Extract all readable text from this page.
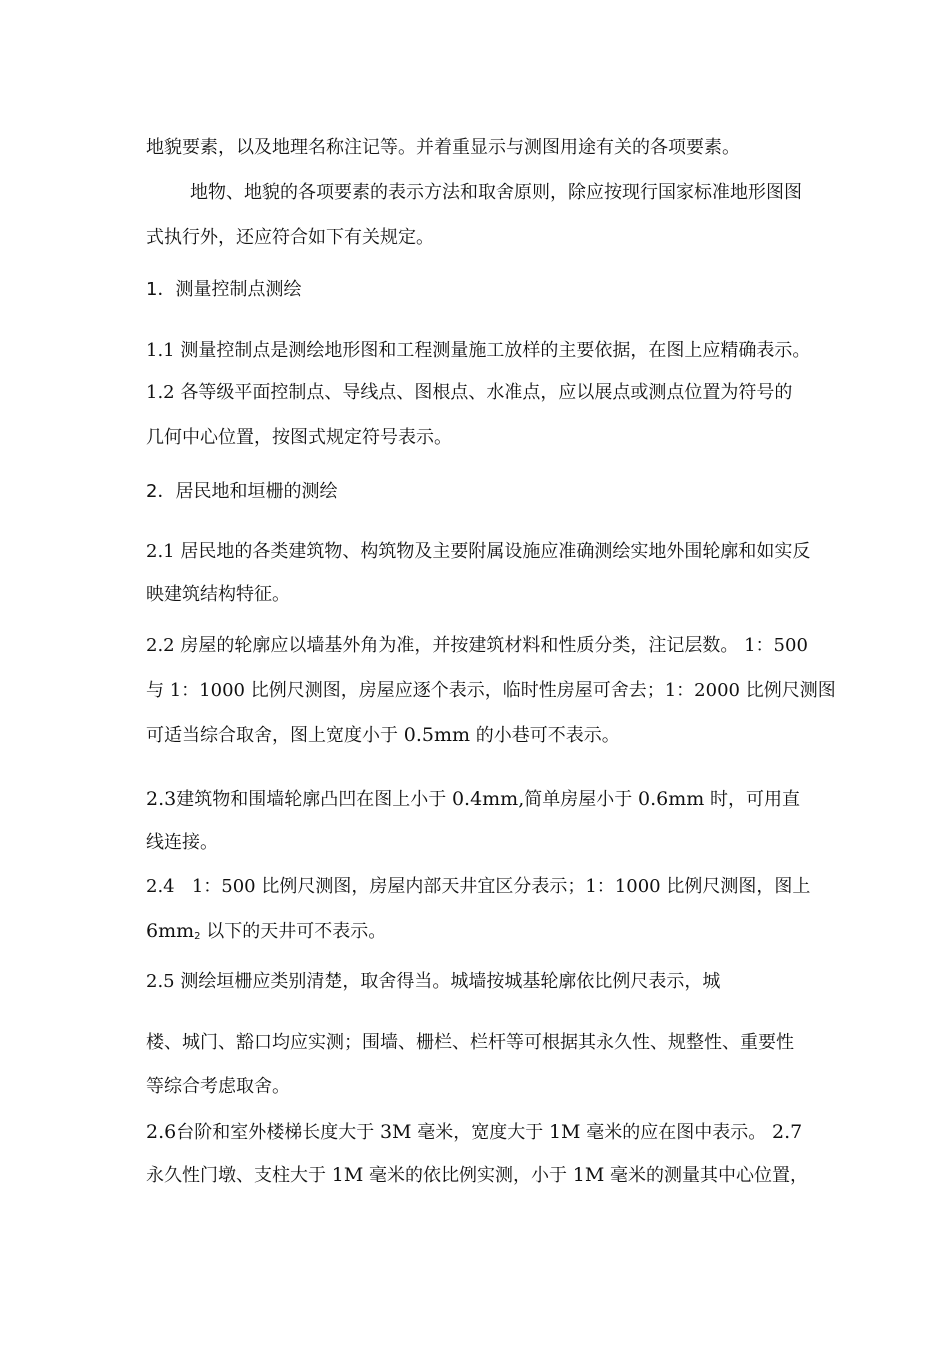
地貌要素，以及地理名称注记等。并着重显示与测图用途有关的各项要素。
地物、地貌的各项要素的表示方法和取舍原则，除应按现行国家标准地形图图
式执行外，还应符合如下有关规定。
1．测量控制点测绘
1.1 测量控制点是测绘地形图和工程测量施工放样的主要依据，在图上应精确表示。
1.2 各等级平面控制点、导线点、图根点、水准点，应以展点或测点位置为符号的
几何中心位置，按图式规定符号表示。
2．居民地和垣栅的测绘
2.1 居民地的各类建筑物、构筑物及主要附属设施应准确测绘实地外围轮廓和如实反
映建筑结构特征。
2.2 房屋的轮廓应以墙基外角为准，并按建筑材料和性质分类，注记层数。 1：500
与 1：1000 比例尺测图，房屋应逐个表示，临时性房屋可舍去；1：2000 比例尺测图
可适当综合取舍，图上宽度小于 0.5mm 的小巷可不表示。
2.3建筑物和围墙轮廓凸凹在图上小于 0.4mm,简单房屋小于 0.6mm 时，可用直
线连接。
2.4 1：500 比例尺测图，房屋内部天井宜区分表示；1：1000 比例尺测图，图上
$6mm_2$ 以下的天井可不表示。
2.5 测绘垣栅应类别清楚，取舍得当。城墙按城基轮廓依比例尺表示，城
楼、城门、豁口均应实测；围墙、栅栏、栏杆等可根据其永久性、规整性、重要性
等综合考虑取舍。
2.6台阶和室外楼梯长度大于 3M 毫米，宽度大于 1M 毫米的应在图中表示。 2.7
永久性门墩、支柱大于 1M 毫米的依比例实测，小于 1M 毫米的测量其中心位置，
